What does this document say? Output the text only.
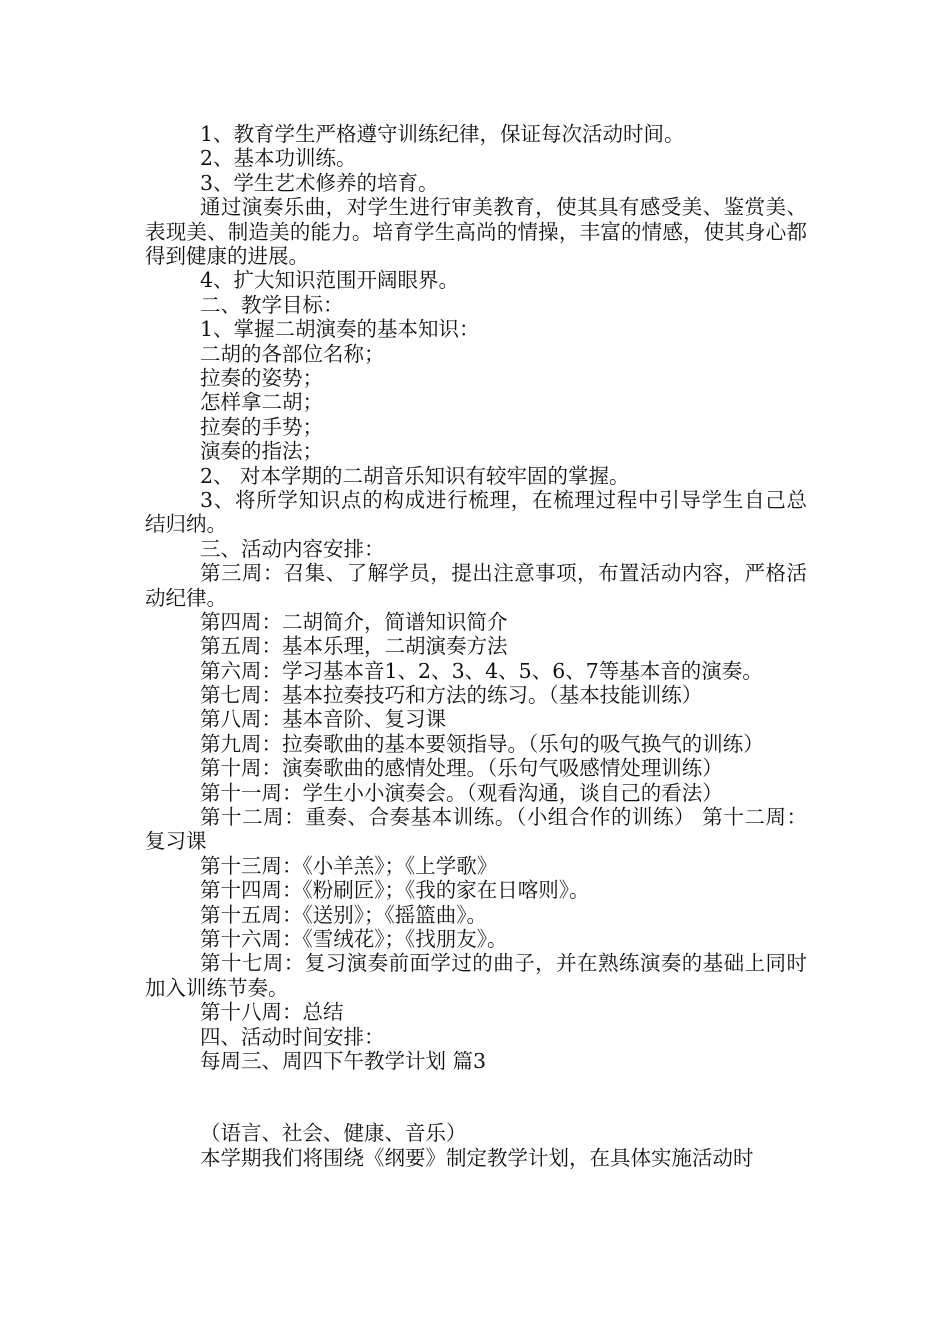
1、教育学生严格遵守训练纪律，保证每次活动时间。
2、基本功训练。
3、学生艺术修养的培育。
通过演奏乐曲，对学生进行审美教育，使其具有感受美、鉴赏美、表现美、制造美的能力。培育学生高尚的情操，丰富的情感，使其身心都得到健康的进展。
4、扩大知识范围开阔眼界。
二、教学目标：
1、掌握二胡演奏的基本知识：
二胡的各部位名称；
拉奏的姿势；
怎样拿二胡；
拉奏的手势；
演奏的指法；
2、 对本学期的二胡音乐知识有较牢固的掌握。
3、将所学知识点的构成进行梳理，在梳理过程中引导学生自己总结归纳。
三、活动内容安排：
第三周：召集、了解学员，提出注意事项，布置活动内容，严格活动纪律。
第四周：二胡简介，简谱知识简介
第五周：基本乐理，二胡演奏方法
第六周：学习基本音1、2、3、4、5、6、7等基本音的演奏。
第七周：基本拉奏技巧和方法的练习。（基本技能训练）
第八周：基本音阶、复习课
第九周：拉奏歌曲的基本要领指导。（乐句的吸气换气的训练）
第十周：演奏歌曲的感情处理。（乐句气吸感情处理训练）
第十一周：学生小小演奏会。（观看沟通，谈自己的看法）
第十二周：重奏、合奏基本训练。（小组合作的训练） 第十二周：复习课
第十三周：《小羊羔》；《上学歌》
第十四周：《粉刷匠》；《我的家在日喀则》。
第十五周：《送别》；《摇篮曲》。
第十六周：《雪绒花》；《找朋友》。
第十七周：复习演奏前面学过的曲子，并在熟练演奏的基础上同时加入训练节奏。
第十八周：总结
四、活动时间安排：
每周三、周四下午教学计划 篇3
（语言、社会、健康、音乐）
本学期我们将围绕《纲要》制定教学计划，在具体实施活动时
